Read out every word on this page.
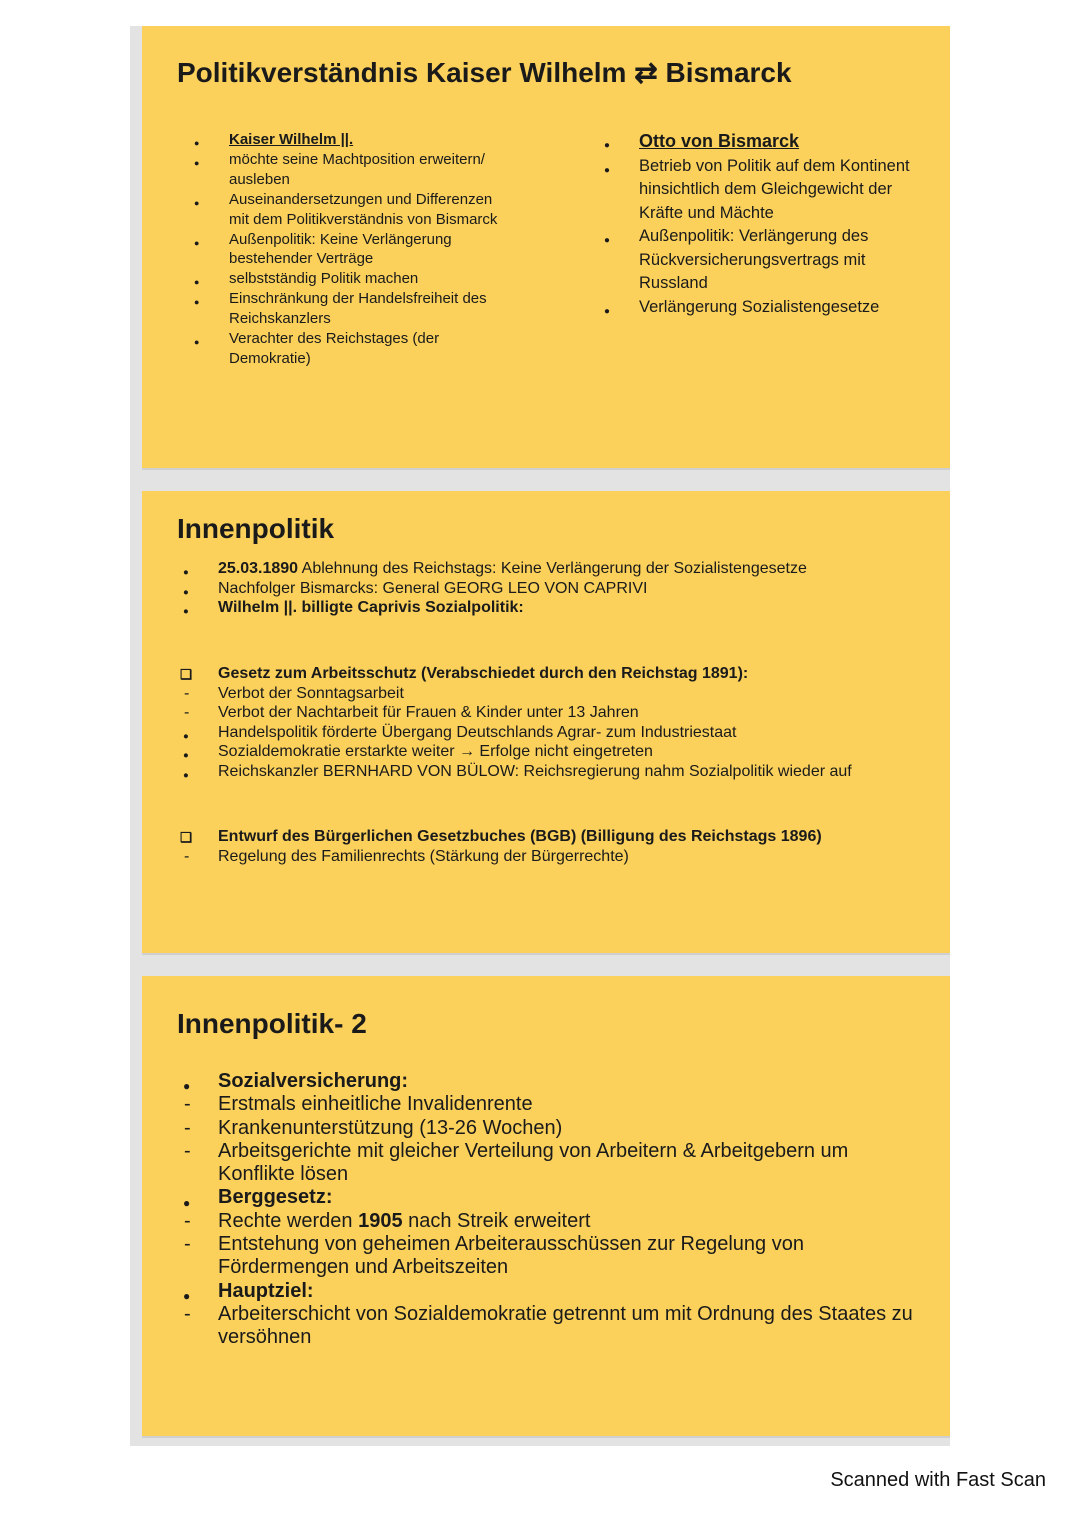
Politikverständnis Kaiser Wilhelm ⇄ Bismarck
● Kaiser Wilhelm ||.
● möchte seine Machtposition erweitern/ ausleben
● Auseinandersetzungen und Differenzen mit dem Politikverständnis von Bismarck
● Außenpolitik: Keine Verlängerung bestehender Verträge
● selbstständig Politik machen
● Einschränkung der Handelsfreiheit des Reichskanzlers
● Verachter des Reichstages (der Demokratie)
● Otto von Bismarck
● Betrieb von Politik auf dem Kontinent hinsichtlich dem Gleichgewicht der Kräfte und Mächte
● Außenpolitik: Verlängerung des Rückversicherungsvertrags mit Russland
● Verlängerung Sozialistengesetze
Innenpolitik
● 25.03.1890 Ablehnung des Reichstags: Keine Verlängerung der Sozialistengesetze
● Nachfolger Bismarcks: General GEORG LEO VON CAPRIVI
● Wilhelm ||. billigte Caprivis Sozialpolitik:
❏ Gesetz zum Arbeitsschutz (Verabschiedet durch den Reichstag 1891):
- Verbot der Sonntagsarbeit
- Verbot der Nachtarbeit für Frauen & Kinder unter 13 Jahren
● Handelspolitik förderte Übergang Deutschlands Agrar- zum Industriestaat
● Sozialdemokratie erstarkte weiter → Erfolge nicht eingetreten
● Reichskanzler BERNHARD VON BÜLOW: Reichsregierung nahm Sozialpolitik wieder auf
❏ Entwurf des Bürgerlichen Gesetzbuches (BGB) (Billigung des Reichstags 1896)
- Regelung des Familienrechts (Stärkung der Bürgerrechte)
Innenpolitik- 2
● Sozialversicherung:
- Erstmals einheitliche Invalidenrente
- Krankenunterstützung (13-26 Wochen)
- Arbeitsgerichte mit gleicher Verteilung von Arbeitern & Arbeitgebern um Konflikte lösen
● Berggesetz:
- Rechte werden 1905 nach Streik erweitert
- Entstehung von geheimen Arbeiterausschüssen zur Regelung von Fördermengen und Arbeitszeiten
● Hauptziel:
- Arbeiterschicht von Sozialdemokratie getrennt um mit Ordnung des Staates zu versöhnen
Scanned with Fast Scan
